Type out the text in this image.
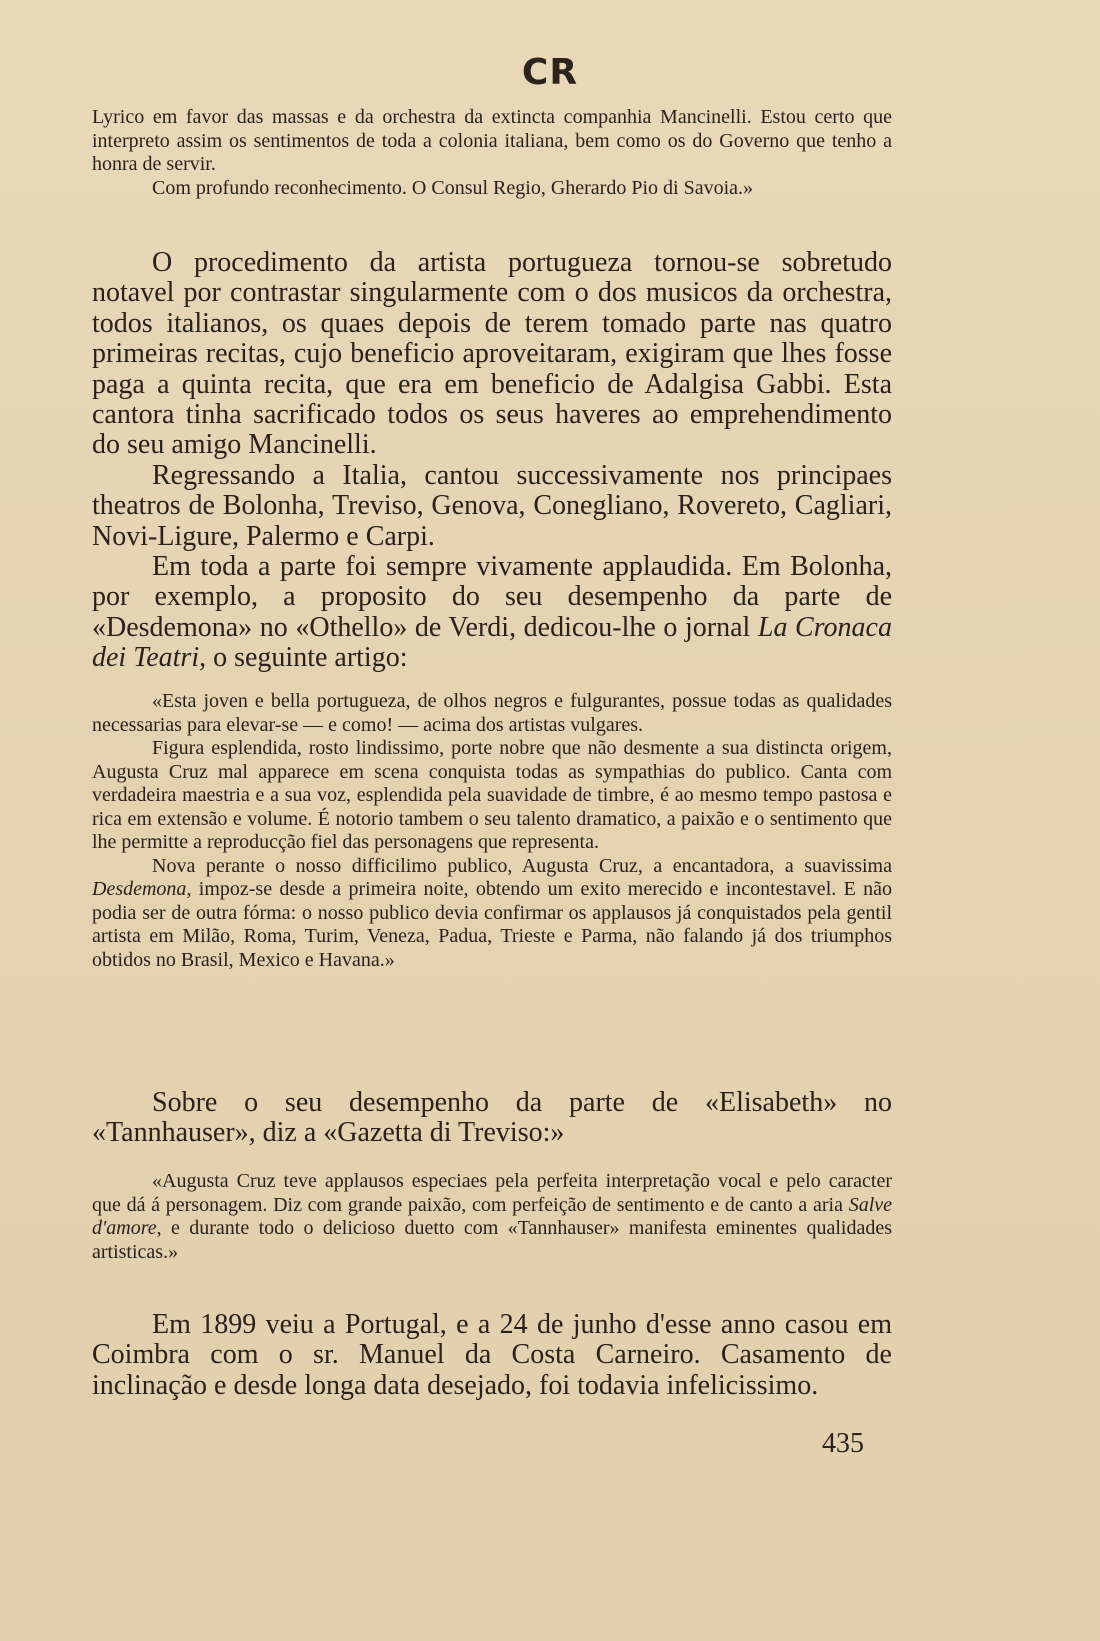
CR

Lyrico em favor das massas e da orchestra da extincta companhia Mancinelli. Estou certo que interpreto assim os sentimentos de toda a colonia italiana, bem como os do Governo que tenho a honra de servir.

Com profundo reconhecimento. O Consul Regio, Gherardo Pio di Savoia.»

O procedimento da artista portugueza tornou-se sobretudo notavel por contrastar singularmente com o dos musicos da orchestra, todos italianos, os quaes depois de terem tomado parte nas quatro primeiras recitas, cujo beneficio aproveitaram, exigiram que lhes fosse paga a quinta recita, que era em beneficio de Adalgisa Gabbi. Esta cantora tinha sacrificado todos os seus haveres ao emprehendimento do seu amigo Mancinelli.

Regressando a Italia, cantou successivamente nos principaes theatros de Bolonha, Treviso, Genova, Conegliano, Rovereto, Cagliari, Novi-Ligure, Palermo e Carpi.

Em toda a parte foi sempre vivamente applaudida. Em Bolonha, por exemplo, a proposito do seu desempenho da parte de «Desdemona» no «Othello» de Verdi, dedicou-lhe o jornal La Cronaca dei Teatri, o seguinte artigo:

«Esta joven e bella portugueza, de olhos negros e fulgurantes, possue todas as qualidades necessarias para elevar-se — e como! — acima dos artistas vulgares.

Figura esplendida, rosto lindissimo, porte nobre que não desmente a sua distincta origem, Augusta Cruz mal apparece em scena conquista todas as sympathias do publico. Canta com verdadeira maestria e a sua voz, esplendida pela suavidade de timbre, é ao mesmo tempo pastosa e rica em extensão e volume. É notorio tambem o seu talento dramatico, a paixão e o sentimento que lhe permitte a reproducção fiel das personagens que representa.

Nova perante o nosso difficilimo publico, Augusta Cruz, a encantadora, a suavissima Desdemona, impoz-se desde a primeira noite, obtendo um exito merecido e incontestavel. E não podia ser de outra fórma: o nosso publico devia confirmar os applausos já conquistados pela gentil artista em Milão, Roma, Turim, Veneza, Padua, Trieste e Parma, não falando já dos triumphos obtidos no Brasil, Mexico e Havana.»

Sobre o seu desempenho da parte de «Elisabeth» no «Tannhauser», diz a «Gazetta di Treviso:»

«Augusta Cruz teve applausos especiaes pela perfeita interpretação vocal e pelo caracter que dá á personagem. Diz com grande paixão, com perfeição de sentimento e de canto a aria Salve d'amore, e durante todo o delicioso duetto com «Tannhauser» manifesta eminentes qualidades artisticas.»

Em 1899 veiu a Portugal, e a 24 de junho d'esse anno casou em Coimbra com o sr. Manuel da Costa Carneiro. Casamento de inclinação e desde longa data desejado, foi todavia infelicissimo.

435
